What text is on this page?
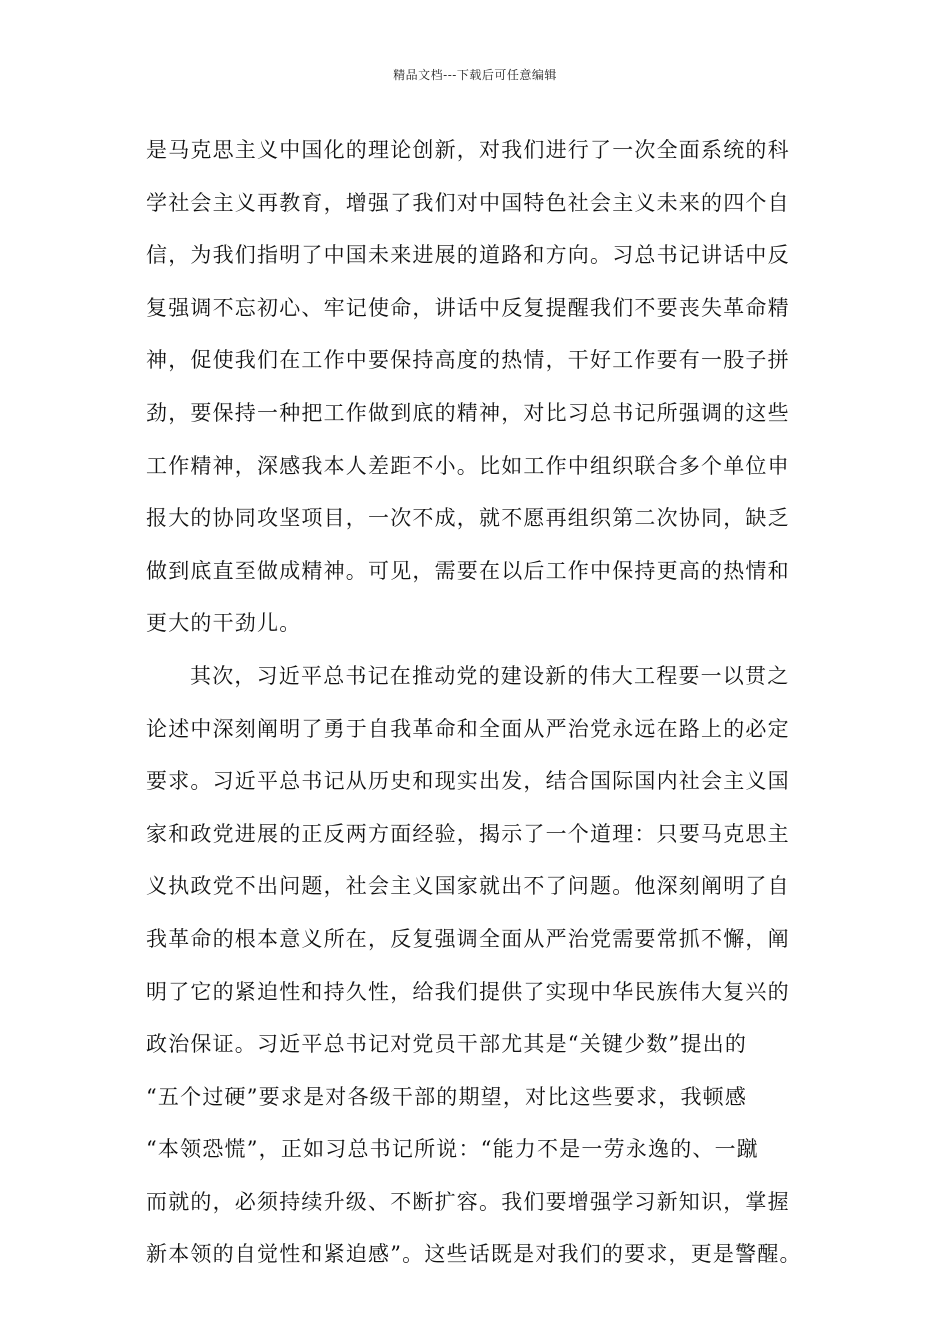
精品文档---下载后可任意编辑
是马克思主义中国化的理论创新，对我们进行了一次全面系统的科
学社会主义再教育，增强了我们对中国特色社会主义未来的四个自
信，为我们指明了中国未来进展的道路和方向。习总书记讲话中反
复强调不忘初心、牢记使命，讲话中反复提醒我们不要丧失革命精
神，促使我们在工作中要保持高度的热情，干好工作要有一股子拼
劲，要保持一种把工作做到底的精神，对比习总书记所强调的这些
工作精神，深感我本人差距不小。比如工作中组织联合多个单位申
报大的协同攻坚项目，一次不成，就不愿再组织第二次协同，缺乏
做到底直至做成精神。可见，需要在以后工作中保持更高的热情和
更大的干劲儿。
其次，习近平总书记在推动党的建设新的伟大工程要一以贯之
论述中深刻阐明了勇于自我革命和全面从严治党永远在路上的必定
要求。习近平总书记从历史和现实出发，结合国际国内社会主义国
家和政党进展的正反两方面经验，揭示了一个道理：只要马克思主
义执政党不出问题，社会主义国家就出不了问题。他深刻阐明了自
我革命的根本意义所在，反复强调全面从严治党需要常抓不懈，阐
明了它的紧迫性和持久性，给我们提供了实现中华民族伟大复兴的
政治保证。习近平总书记对党员干部尤其是“关键少数”提出的
“五个过硬”要求是对各级干部的期望，对比这些要求，我顿感
“本领恐慌”，正如习总书记所说：“能力不是一劳永逸的、一蹴
而就的，必须持续升级、不断扩容。我们要增强学习新知识，掌握
新本领的自觉性和紧迫感”。这些话既是对我们的要求，更是警醒。
